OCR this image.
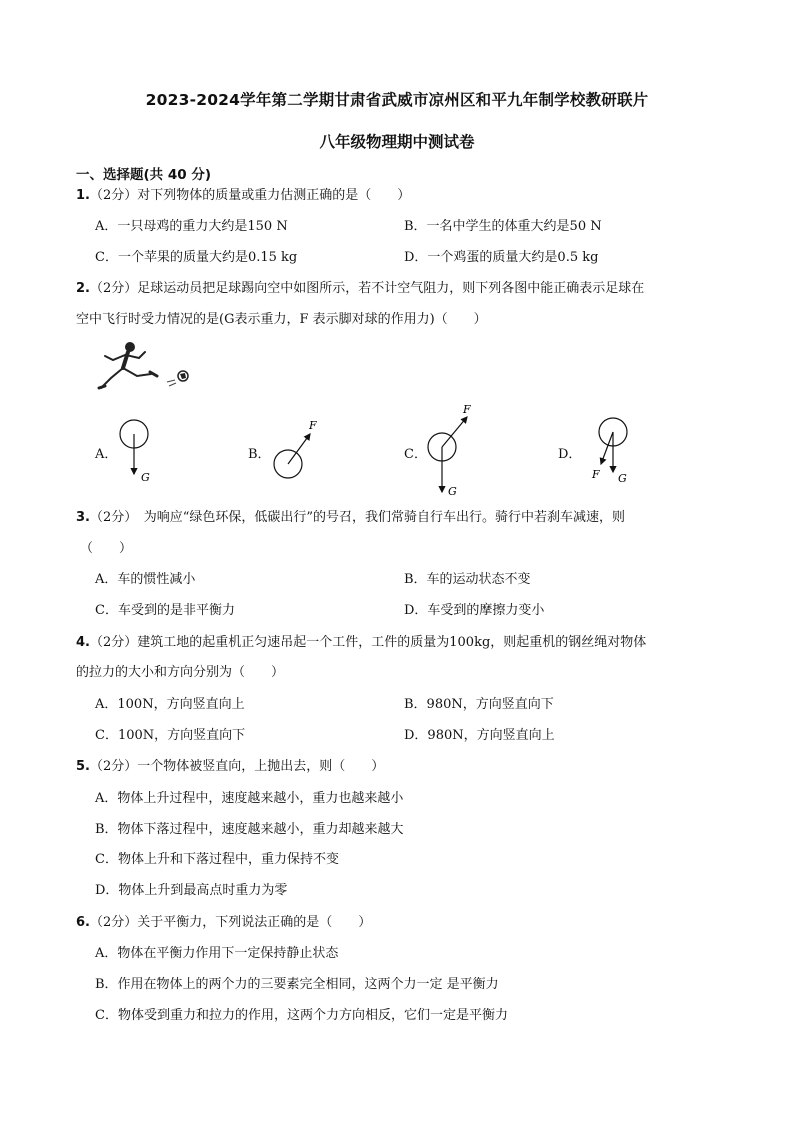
2023-2024学年第二学期甘肃省武威市凉州区和平九年制学校教研联片
八年级物理期中测试卷
一、选择题(共 40 分)
1.（2分）对下列物体的质量或重力估测正确的是（　　）
A．一只母鸡的重力大约是150 N	B．一名中学生的体重大约是50 N
C．一个苹果的质量大约是0.15 kg	D．一个鸡蛋的质量大约是0.5 kg
2.（2分）足球运动员把足球踢向空中如图所示，若不计空气阻力，则下列各图中能正确表示足球在
空中飞行时受力情况的是(G表示重力，F 表示脚对球的作用力)（　　）
A．
G
B．
F
C．
F
G
D．
F G
3.（2分）　为响应“绿色环保，低碳出行”的号召，我们常骑自行车出行。骑行中若刹车减速，则
（　　）
A．车的惯性减小	B．车的运动状态不变
C．车受到的是非平衡力	D．车受到的摩擦力变小
4.（2分）建筑工地的起重机正匀速吊起一个工件，工件的质量为100kg，则起重机的钢丝绳对物体
的拉力的大小和方向分别为（　　）
A．100N，方向竖直向上	B．980N，方向竖直向下
C．100N，方向竖直向下	D．980N，方向竖直向上
5.（2分）一个物体被竖直向，上抛出去，则（　　）
A．物体上升过程中，速度越来越小，重力也越来越小
B．物体下落过程中，速度越来越小，重力却越来越大
C．物体上升和下落过程中，重力保持不变
D．物体上升到最高点时重力为零
6.（2分）关于平衡力，下列说法正确的是（　　）
A．物体在平衡力作用下一定保持静止状态
B．作用在物体上的两个力的三要素完全相同，这两个力一定 是平衡力
C．物体受到重力和拉力的作用，这两个力方向相反，它们一定是平衡力
